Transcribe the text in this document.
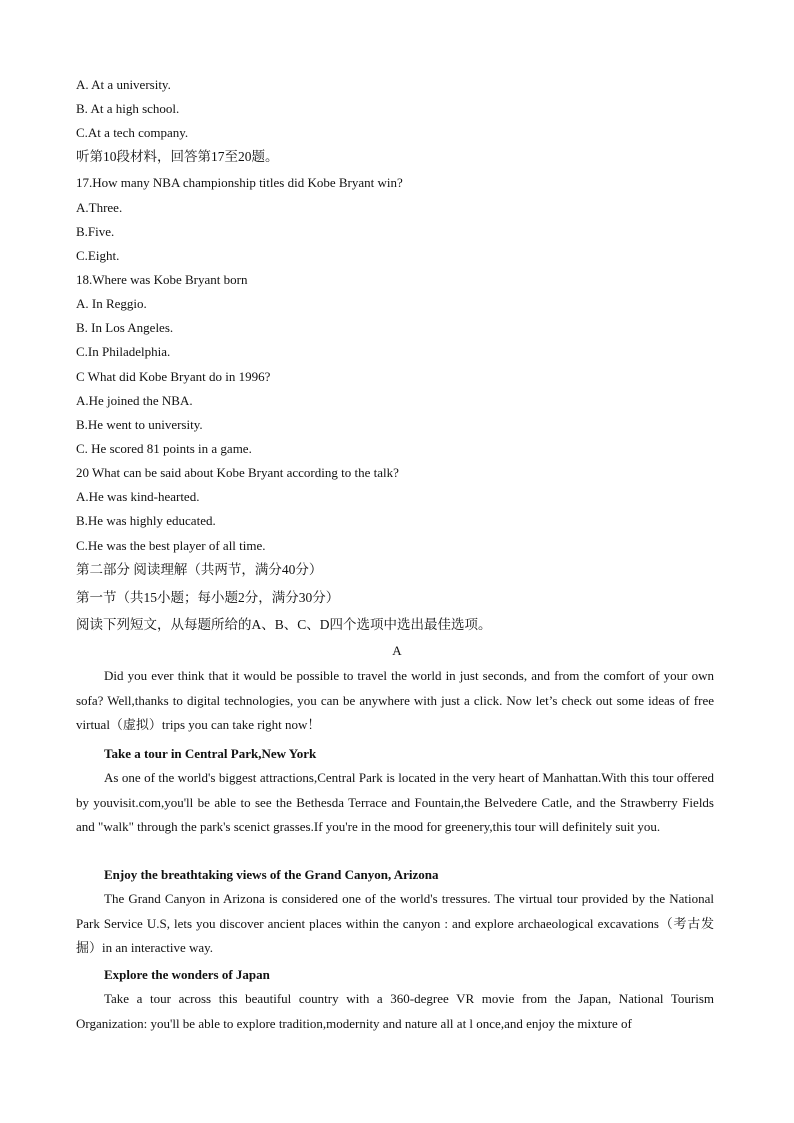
A. At a university.
B. At a high school.
C.At a tech company.
听第10段材料，回答第17至20题。
17.How many NBA championship titles did Kobe Bryant win?
A.Three.
B.Five.
C.Eight.
18.Where was Kobe Bryant born
A. In Reggio.
B. In Los Angeles.
C.In Philadelphia.
C What did Kobe Bryant do in 1996?
A.He joined the NBA.
B.He went to university.
C. He scored 81 points in a game.
20 What can be said about Kobe Bryant according to the talk?
A.He was kind-hearted.
B.He was highly educated.
C.He was the best player of all time.
第二部分 阅读理解（共两节，满分40分）
第一节（共15小题；每小题2分，满分30分）
阅读下列短文，从每题所给的A、B、C、D四个选项中选出最佳选项。
A
Did you ever think that it would be possible to travel the world in just seconds, and from the comfort of your own sofa? Well,thanks to digital technologies, you can be anywhere with just a click. Now let’s check out some ideas of free virtual（虚拟）trips you can take right now！
Take a tour in Central Park,New York
As one of the world's biggest attractions,Central Park is located in the very heart of Manhattan.With this tour offered by youvisit.com,you'll be able to see the Bethesda Terrace and Fountain,the Belvedere Catle, and the Strawberry Fields and "walk" through the park's scenict grasses.If you're in the mood for greenery,this tour will definitely suit you.
Enjoy the breathtaking views of the Grand Canyon, Arizona
The Grand Canyon in Arizona is considered one of the world's tressures. The virtual tour provided by the National Park Service U.S, lets you discover ancient places within the canyon : and explore archaeological excavations（考古发掘）in an interactive way.
Explore the wonders of Japan
Take a tour across this beautiful country with a 360-degree VR movie from the Japan, National Tourism Organization: you'll be able to explore tradition,modernity and nature all at l once,and enjoy the mixture of
